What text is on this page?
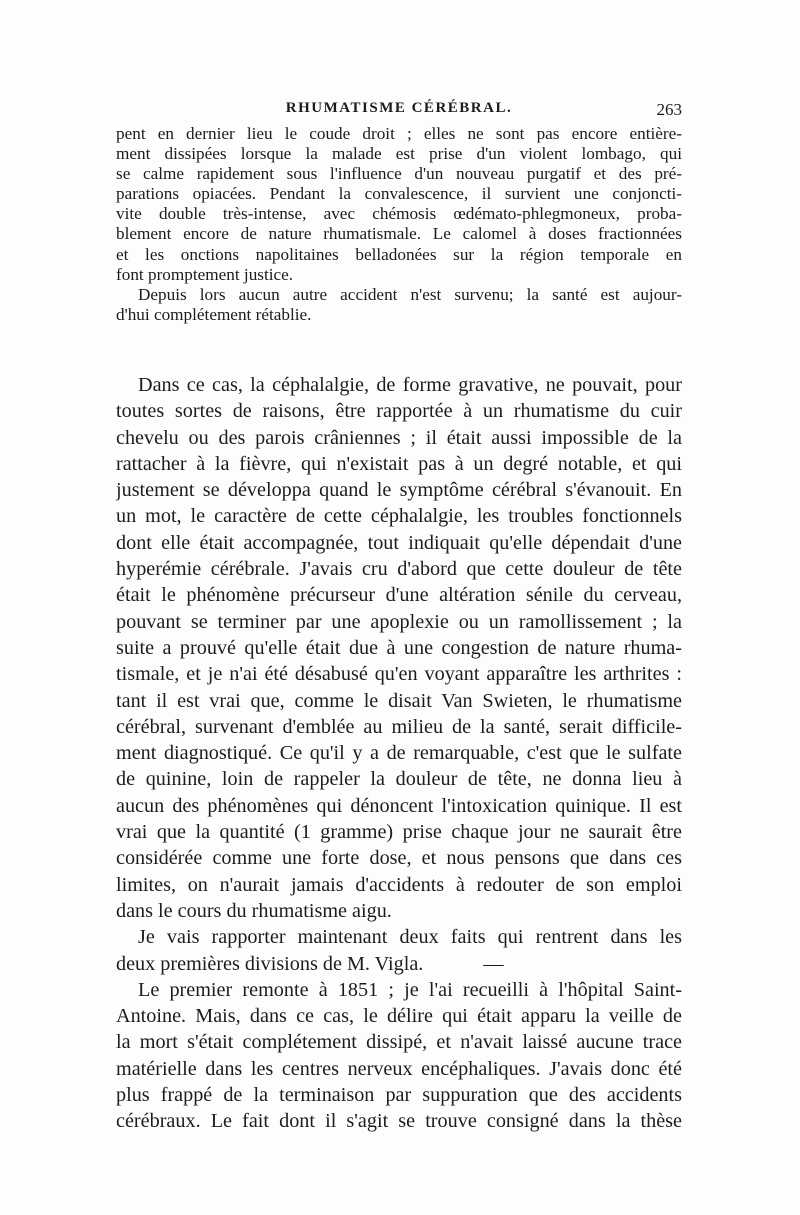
RHUMATISME CÉRÉBRAL.	263
pent en dernier lieu le coude droit ; elles ne sont pas encore entière-
ment dissipées lorsque la malade est prise d'un violent lombago, qui
se calme rapidement sous l'influence d'un nouveau purgatif et des pré-
parations opiacées. Pendant la convalescence, il survient une conjoncti-
vite double très-intense, avec chémosis œdémato-phlegmoneux, proba-
blement encore de nature rhumatismale. Le calomel à doses fractionnées
et les onctions napolitaines belladonées sur la région temporale en
font promptement justice.
Depuis lors aucun autre accident n'est survenu; la santé est aujour-
d'hui complétement rétablie.
Dans ce cas, la céphalalgie, de forme gravative, ne pouvait, pour
toutes sortes de raisons, être rapportée à un rhumatisme du cuir
chevelu ou des parois crâniennes ; il était aussi impossible de la
rattacher à la fièvre, qui n'existait pas à un degré notable, et qui
justement se développa quand le symptôme cérébral s'évanouit. En
un mot, le caractère de cette céphalalgie, les troubles fonctionnels
dont elle était accompagnée, tout indiquait qu'elle dépendait d'une
hyperémie cérébrale. J'avais cru d'abord que cette douleur de tête
était le phénomène précurseur d'une altération sénile du cerveau,
pouvant se terminer par une apoplexie ou un ramollissement ; la
suite a prouvé qu'elle était due à une congestion de nature rhuma-
tismale, et je n'ai été désabusé qu'en voyant apparaître les arthrites :
tant il est vrai que, comme le disait Van Swieten, le rhumatisme
cérébral, survenant d'emblée au milieu de la santé, serait difficile-
ment diagnostiqué. Ce qu'il y a de remarquable, c'est que le sulfate
de quinine, loin de rappeler la douleur de tête, ne donna lieu à
aucun des phénomènes qui dénoncent l'intoxication quinique. Il est
vrai que la quantité (1 gramme) prise chaque jour ne saurait être
considérée comme une forte dose, et nous pensons que dans ces
limites, on n'aurait jamais d'accidents à redouter de son emploi
dans le cours du rhumatisme aigu.
Je vais rapporter maintenant deux faits qui rentrent dans les
deux premières divisions de M. Vigla.	—
Le premier remonte à 1851 ; je l'ai recueilli à l'hôpital Saint-
Antoine. Mais, dans ce cas, le délire qui était apparu la veille de
la mort s'était complétement dissipé, et n'avait laissé aucune trace
matérielle dans les centres nerveux encéphaliques. J'avais donc été
plus frappé de la terminaison par suppuration que des accidents
cérébraux. Le fait dont il s'agit se trouve consigné dans la thèse
